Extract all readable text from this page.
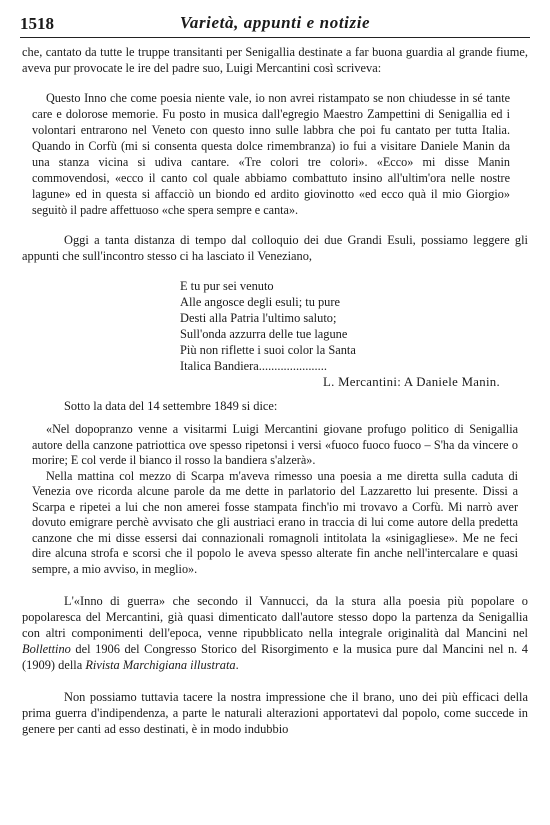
1518	Varietà, appunti e notizie

che, cantato da tutte le truppe transitanti per Senigallia destinate a far buona guardia al grande fiume, aveva pur provocate le ire del padre suo, Luigi Mercantini così scriveva:

Questo Inno che come poesia niente vale, io non avrei ristampato se non chiudesse in sé tante care e dolorose memorie. Fu posto in musica dall'egregio Maestro Zampettini di Senigallia ed i volontari entrarono nel Veneto con questo inno sulle labbra che poi fu cantato per tutta Italia. Quando in Corfù (mi si consenta questa dolce rimembranza) io fui a visitare Daniele Manin da una stanza vicina si udiva cantare. «Tre colori tre colori». «Ecco» mi disse Manin commovendosi, «ecco il canto col quale abbiamo combattuto insino all'ultim'ora nelle nostre lagune» ed in questa si affacciò un biondo ed ardito giovinotto «ed ecco quà il mio Giorgio» seguitò il padre affettuoso «che spera sempre e canta».

Oggi a tanta distanza di tempo dal colloquio dei due Grandi Esuli, possiamo leggere gli appunti che sull'incontro stesso ci ha lasciato il Veneziano,

E tu pur sei venuto
Alle angosce degli esuli; tu pure
Desti alla Patria l'ultimo saluto;
Sull'onda azzurra delle tue lagune
Più non riflette i suoi color la Santa
Italica Bandiera......................

L. Mercantini: A Daniele Manin.

Sotto la data del 14 settembre 1849 si dice:

«Nel dopopranzo venne a visitarmi Luigi Mercantini giovane profugo politico di Senigallia autore della canzone patriottica ove spesso ripetonsi i versi «fuoco fuoco fuoco – S'ha da vincere o morire; E col verde il bianco il rosso la bandiera s'alzerà».

Nella mattina col mezzo di Scarpa m'aveva rimesso una poesia a me diretta sulla caduta di Venezia ove ricorda alcune parole da me dette in parlatorio del Lazzaretto lui presente. Dissi a Scarpa e ripetei a lui che non amerei fosse stampata finch'io mi trovavo a Corfù. Mi narrò aver dovuto emigrare perchè avvisato che gli austriaci erano in traccia di lui come autore della predetta canzone che mi disse essersi dai connazionali romagnoli intitolata la «sinigagliese». Me ne feci dire alcuna strofa e scorsi che il popolo le aveva spesso alterate fin anche nell'intercalare e quasi sempre, a mio avviso, in meglio».

L'«Inno di guerra» che secondo il Vannucci, da la stura alla poesia più popolare o popolaresca del Mercantini, già quasi dimenticato dall'autore stesso dopo la partenza da Senigallia con altri componimenti dell'epoca, venne ripubblicato nella integrale originalità dal Mancini nel Bollettino del 1906 del Congresso Storico del Risorgimento e la musica pure dal Mancini nel n. 4 (1909) della Rivista Marchigiana illustrata.

Non possiamo tuttavia tacere la nostra impressione che il brano, uno dei più efficaci della prima guerra d'indipendenza, a parte le naturali alterazioni apportatevi dal popolo, come succede in genere per canti ad esso destinati, è in modo indubbio
